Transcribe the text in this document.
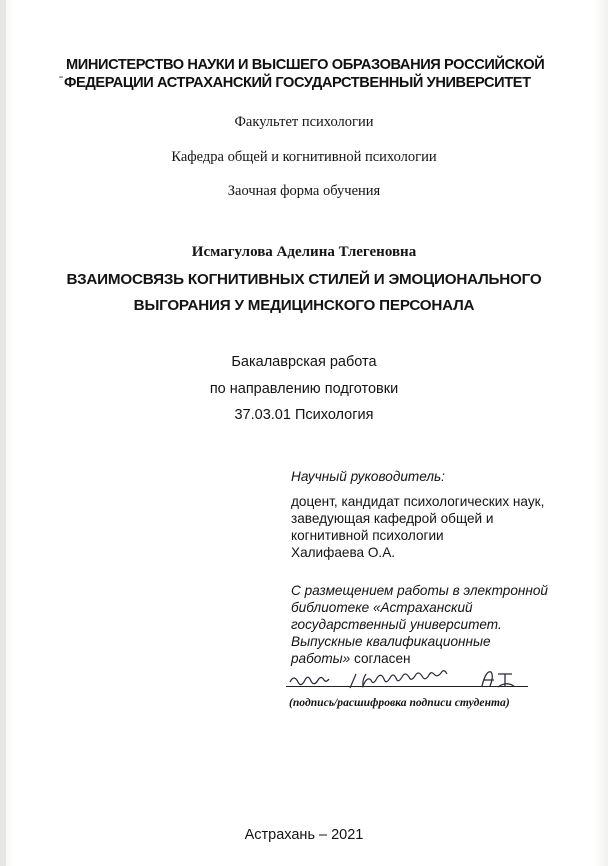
ˉ
МИНИСТЕРСТВО НАУКИ И ВЫСШЕГО ОБРАЗОВАНИЯ РОССИЙСКОЙ
ФЕДЕРАЦИИ АСТРАХАНСКИЙ ГОСУДАРСТВЕННЫЙ УНИВЕРСИТЕТ
Факультет психологии
Кафедра общей и когнитивной психологии
Заочная форма обучения
Исмагулова Аделина Тлегеновна
ВЗАИМОСВЯЗЬ КОГНИТИВНЫХ СТИЛЕЙ И ЭМОЦИОНАЛЬНОГО
ВЫГОРАНИЯ У МЕДИЦИНСКОГО ПЕРСОНАЛА
Бакалаврская работа
по направлению подготовки
37.03.01 Психология
Научный руководитель:
доцент, кандидат психологических наук,
заведующая кафедрой общей и
когнитивной психологии
Халифаева О.А.
С размещением работы в электронной
библиотеке «Астраханский
государственный университет.
Выпускные квалификационные
работы» согласен
(подпись/расшифровка подписи студента)
Астрахань – 2021
